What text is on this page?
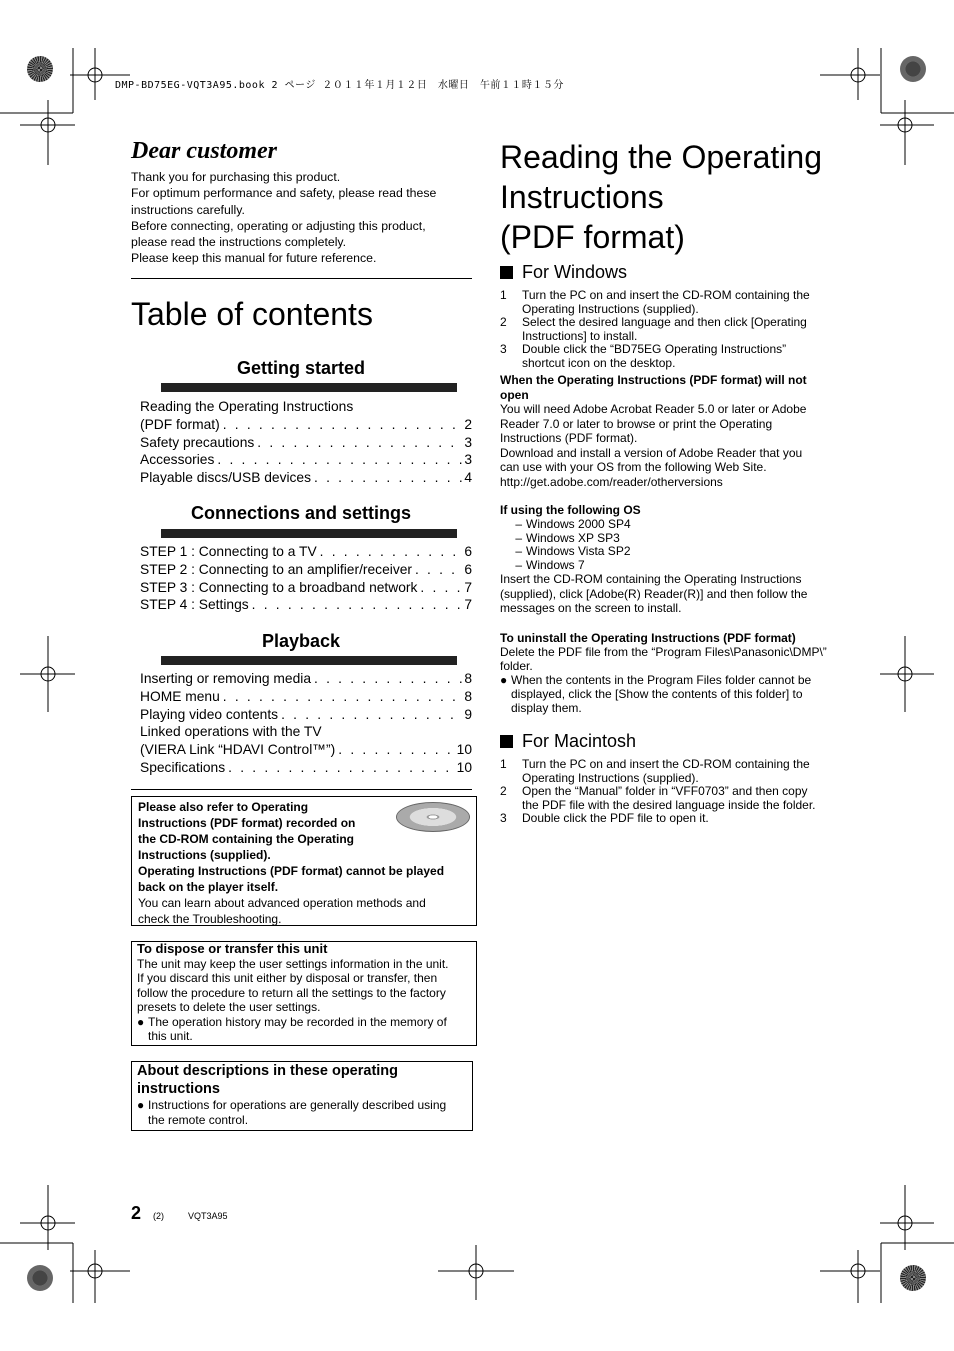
DMP-BD75EG-VQT3A95.book 2 ページ ２０１１年１月１２日　水曜日　午前１１時１５分
Dear customer
Thank you for purchasing this product.
For optimum performance and safety, please read these
instructions carefully.
Before connecting, operating or adjusting this product,
please read the instructions completely.
Please keep this manual for future reference.
Table of contents
Getting started
Reading the Operating Instructions
(PDF format) . . .	2
Safety precautions . . .	3
Accessories . . .	3
Playable discs/USB devices . . .	4
Connections and settings
STEP 1 : Connecting to a TV . . .	6
STEP 2 : Connecting to an amplifier/receiver . . .	6
STEP 3 : Connecting to a broadband network . . .	7
STEP 4 : Settings . . .	7
Playback
Inserting or removing media . . .	8
HOME menu . . .	8
Playing video contents . . .	9
Linked operations with the TV
(VIERA Link “HDAVI Control™”) . . .	10
Specifications . . .	10
Please also refer to Operating
Instructions (PDF format) recorded on
the CD-ROM containing the Operating
Instructions (supplied).
Operating Instructions (PDF format) cannot be played
back on the player itself.
You can learn about advanced operation methods and
check the Troubleshooting.
To dispose or transfer this unit
The unit may keep the user settings information in the unit.
If you discard this unit either by disposal or transfer, then
follow the procedure to return all the settings to the factory
presets to delete the user settings.
● The operation history may be recorded in the memory of
this unit.
About descriptions in these operating
instructions
● Instructions for operations are generally described using
the remote control.
Reading the Operating
Instructions
(PDF format)
For Windows
1	Turn the PC on and insert the CD-ROM containing the
Operating Instructions (supplied).
2	Select the desired language and then click [Operating
Instructions] to install.
3	Double click the “BD75EG Operating Instructions”
shortcut icon on the desktop.
When the Operating Instructions (PDF format) will not
open
You will need Adobe Acrobat Reader 5.0 or later or Adobe
Reader 7.0 or later to browse or print the Operating
Instructions (PDF format).
Download and install a version of Adobe Reader that you
can use with your OS from the following Web Site.
http://get.adobe.com/reader/otherversions
If using the following OS
– Windows 2000 SP4
– Windows XP SP3
– Windows Vista SP2
– Windows 7
Insert the CD-ROM containing the Operating Instructions
(supplied), click [Adobe(R) Reader(R)] and then follow the
messages on the screen to install.
To uninstall the Operating Instructions (PDF format)
Delete the PDF file from the “Program Files\Panasonic\DMP\”
folder.
● When the contents in the Program Files folder cannot be
displayed, click the [Show the contents of this folder] to
display them.
For Macintosh
1	Turn the PC on and insert the CD-ROM containing the
Operating Instructions (supplied).
2	Open the “Manual” folder in “VFF0703” and then copy
the PDF file with the desired language inside the folder.
3	Double click the PDF file to open it.
2 (2)	VQT3A95
